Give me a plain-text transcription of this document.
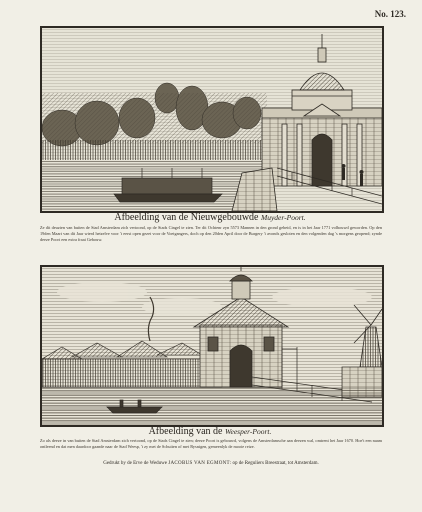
No. 123.
Afbeelding van de Nieuwgebouwde Muyder-Poort.
Ze dit deuzien van buiten de Stad Amsterdam zich vertoond, op de Stads Cingel te zien. Ter dit Ochtenr zyn 5573 Mannen in den grond gebeid, en is in het Jaar 1771 volbouwd geworden. Op den 19den Maart van dit Jaar wierd hetzelve voor 't eerst open gezet voor de Voetgangers, doch op den 20den April door de Burgery 't avonds gesloten en den volgenden dag 's morgens geopend; zynde deeze Poort een extra fraai Gebouw.
Afbeelding van de Weesper-Poort.
Zo als deeze in van buiten de Stad Amsterdam zich vertoond, op de Stads Cingel te zien; deeze Poort is gebouwd, volgens de Amsterdamsche aan deezen wal, omtrent het Jaar 1670. Hoe't een naam ontleend en dat men daardoor gaande naar de Stad Weesp, 't zy met de Schuiten of met Rysnigen, gemeenlyk de mooie reize.
Gedrukt by de Erve de Weduwe JACOBUS VAN EGMONT: op de Reguliers Breestraat, tot Amsterdam.
